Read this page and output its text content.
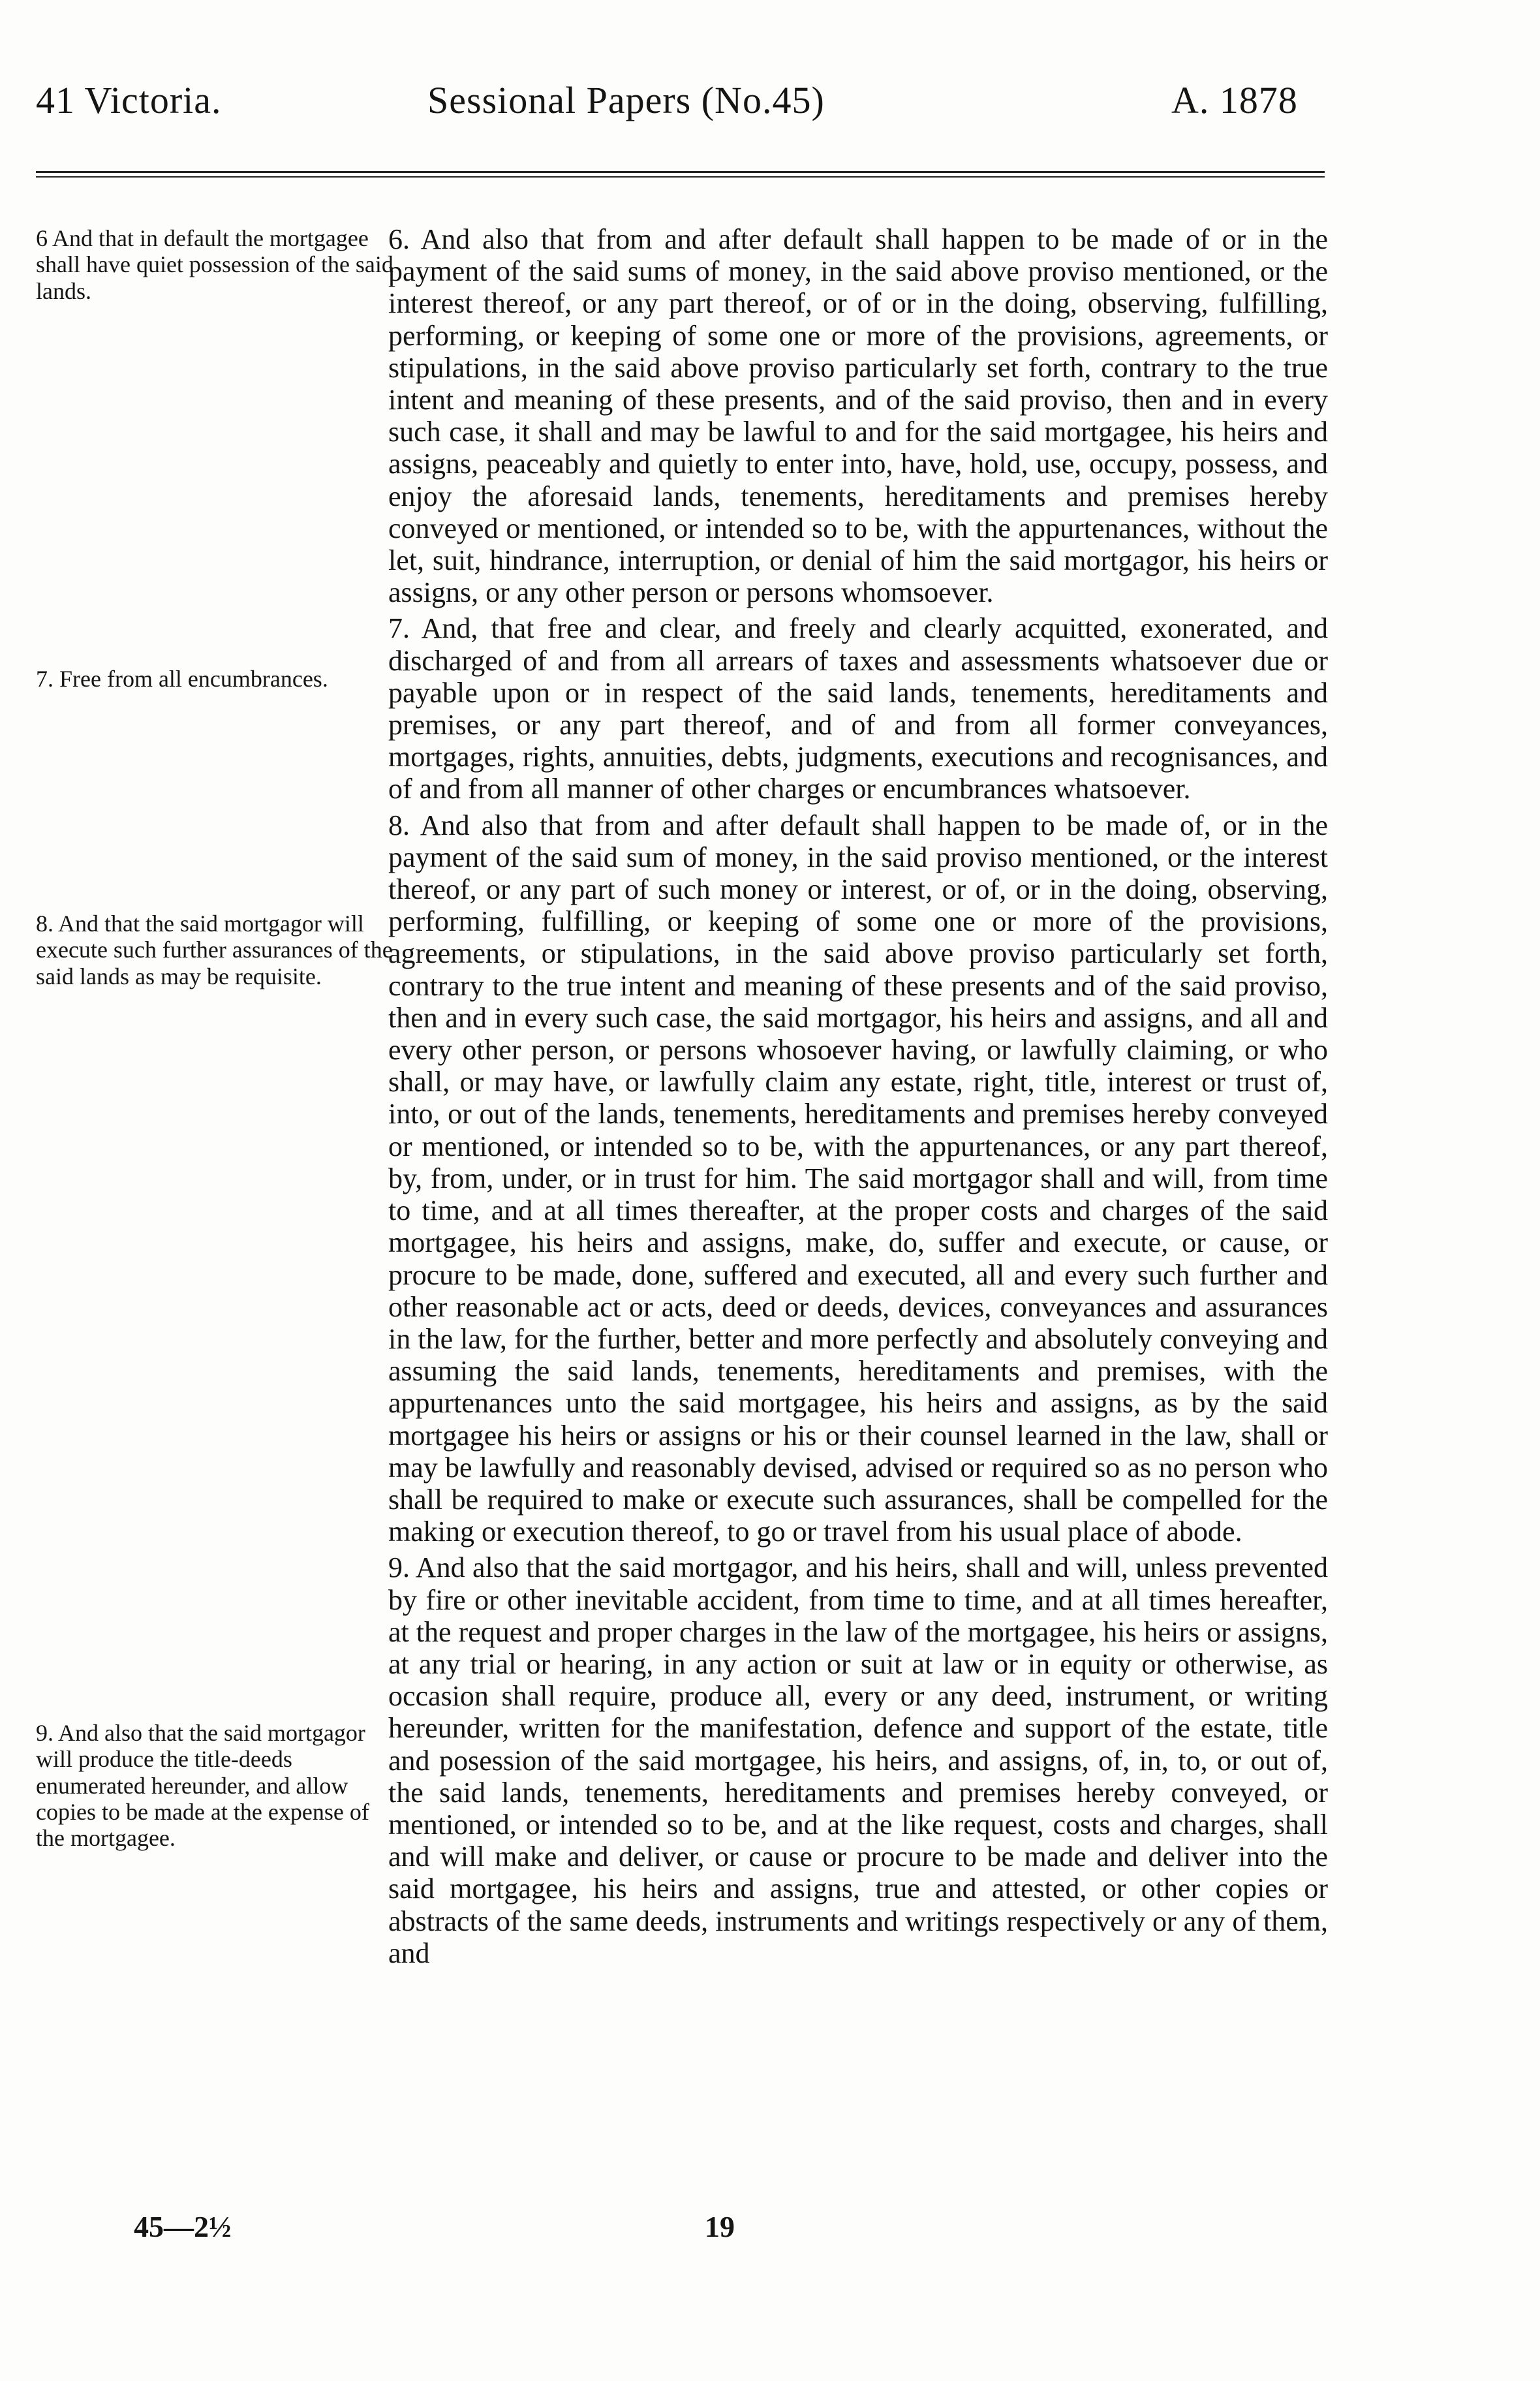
41 Victoria.	Sessional Papers (No.45)	A. 1878
6 And that in default the mortgagee shall have quiet possession of the said lands.
7. Free from all encumbrances.
8. And that the said mortgagor will execute such further assurances of the said lands as may be requisite.
9. And also that the said mortgagor will produce the title-deeds enumerated hereunder, and allow copies to be made at the expense of the mortgagee.

6. And also that from and after default shall happen to be made of or in the payment of the said sums of money, in the said above proviso mentioned, or the interest thereof, or any part thereof, or of or in the doing, observing, fulfilling, performing, or keeping of some one or more of the provisions, agreements, or stipulations, in the said above proviso particularly set forth, contrary to the true intent and meaning of these presents, and of the said proviso, then and in every such case, it shall and may be lawful to and for the said mortgagee, his heirs and assigns, peaceably and quietly to enter into, have, hold, use, occupy, possess, and enjoy the aforesaid lands, tenements, hereditaments and premises hereby conveyed or mentioned, or intended so to be, with the appurtenances, without the let, suit, hindrance, interruption, or denial of him the said mortgagor, his heirs or assigns, or any other person or persons whomsoever.

7. And, that free and clear, and freely and clearly acquitted, exonerated, and discharged of and from all arrears of taxes and assessments whatsoever due or payable upon or in respect of the said lands, tenements, hereditaments and premises, or any part thereof, and of and from all former conveyances, mortgages, rights, annuities, debts, judgments, executions and recognisances, and of and from all manner of other charges or encumbrances whatsoever.

8. And also that from and after default shall happen to be made of, or in the payment of the said sum of money, in the said proviso mentioned, or the interest thereof, or any part of such money or interest, or of, or in the doing, observing, performing, fulfilling, or keeping of some one or more of the provisions, agreements, or stipulations, in the said above proviso particularly set forth, contrary to the true intent and meaning of these presents and of the said proviso, then and in every such case, the said mortgagor, his heirs and assigns, and all and every other person, or persons whosoever having, or lawfully claiming, or who shall, or may have, or lawfully claim any estate, right, title, interest or trust of, into, or out of the lands, tenements, hereditaments and premises hereby conveyed or mentioned, or intended so to be, with the appurtenances, or any part thereof, by, from, under, or in trust for him. The said mortgagor shall and will, from time to time, and at all times thereafter, at the proper costs and charges of the said mortgagee, his heirs and assigns, make, do, suffer and execute, or cause, or procure to be made, done, suffered and executed, all and every such further and other reasonable act or acts, deed or deeds, devices, conveyances and assurances in the law, for the further, better and more perfectly and absolutely conveying and assuming the said lands, tenements, hereditaments and premises, with the appurtenances unto the said mortgagee, his heirs and assigns, as by the said mortgagee his heirs or assigns or his or their counsel learned in the law, shall or may be lawfully and reasonably devised, advised or required so as no person who shall be required to make or execute such assurances, shall be compelled for the making or execution thereof, to go or travel from his usual place of abode.

9. And also that the said mortgagor, and his heirs, shall and will, unless prevented by fire or other inevitable accident, from time to time, and at all times hereafter, at the request and proper charges in the law of the mortgagee, his heirs or assigns, at any trial or hearing, in any action or suit at law or in equity or otherwise, as occasion shall require, produce all, every or any deed, instrument, or writing hereunder, written for the manifestation, defence and support of the estate, title and posession of the said mortgagee, his heirs, and assigns, of, in, to, or out of, the said lands, tenements, hereditaments and premises hereby conveyed, or mentioned, or intended so to be, and at the like request, costs and charges, shall and will make and deliver, or cause or procure to be made and deliver into the said mortgagee, his heirs and assigns, true and attested, or other copies or abstracts of the same deeds, instruments and writings respectively or any of them, and

45—2½	19
